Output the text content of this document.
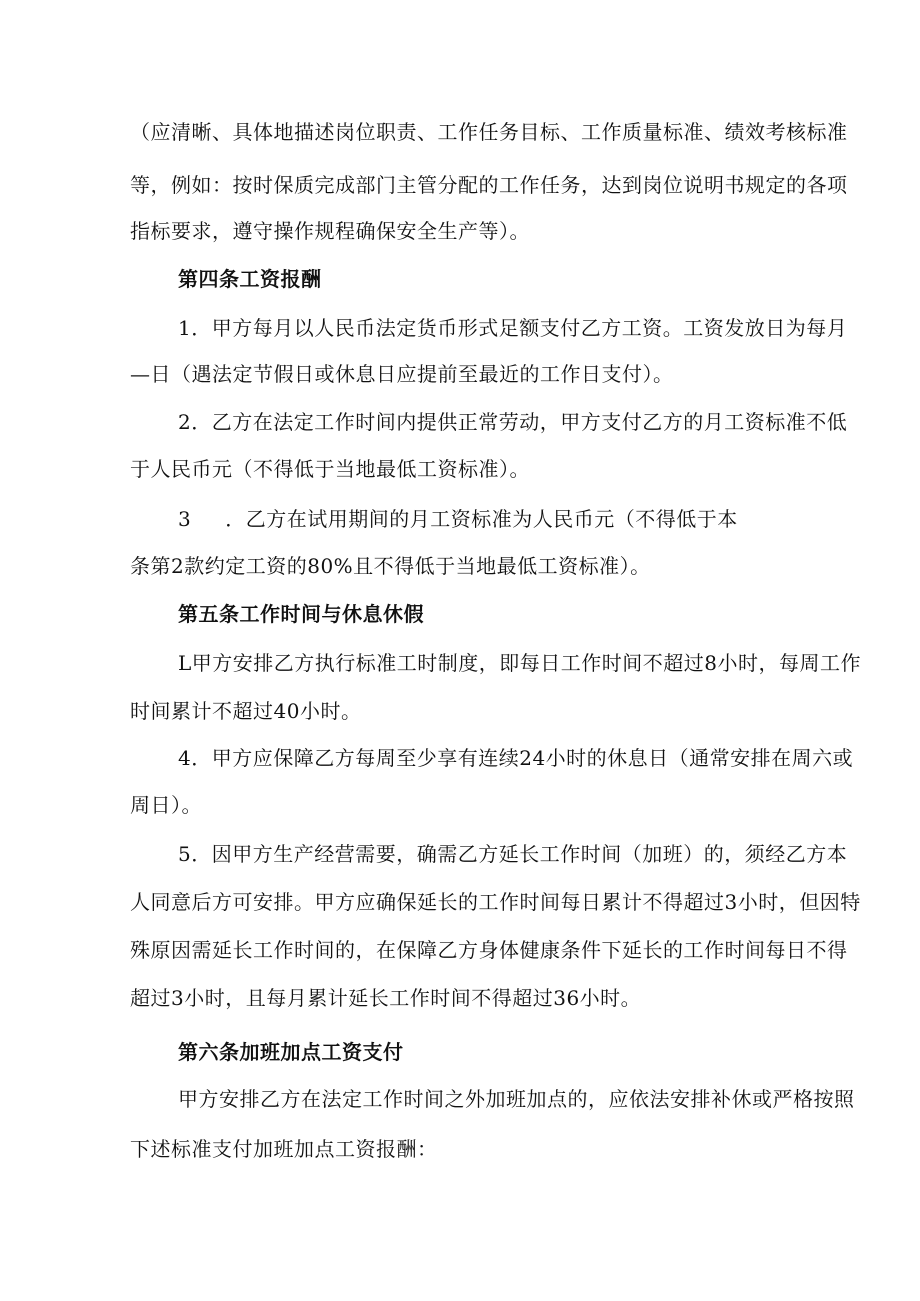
（应清晰、具体地描述岗位职责、工作任务目标、工作质量标准、绩效考核标准
等，例如：按时保质完成部门主管分配的工作任务，达到岗位说明书规定的各项
指标要求，遵守操作规程确保安全生产等）。
第四条工资报酬
1．甲方每月以人民币法定货币形式足额支付乙方工资。工资发放日为每月
—日（遇法定节假日或休息日应提前至最近的工作日支付）。
2．乙方在法定工作时间内提供正常劳动，甲方支付乙方的月工资标准不低
于人民币元（不得低于当地最低工资标准）。
3 ．乙方在试用期间的月工资标准为人民币元（不得低于本
条第2款约定工资的80%且不得低于当地最低工资标准）。
第五条工作时间与休息休假
L甲方安排乙方执行标准工时制度，即每日工作时间不超过8小时，每周工作
时间累计不超过40小时。
4．甲方应保障乙方每周至少享有连续24小时的休息日（通常安排在周六或
周日）。
5．因甲方生产经营需要，确需乙方延长工作时间（加班）的，须经乙方本
人同意后方可安排。甲方应确保延长的工作时间每日累计不得超过3小时，但因特
殊原因需延长工作时间的，在保障乙方身体健康条件下延长的工作时间每日不得
超过3小时，且每月累计延长工作时间不得超过36小时。
第六条加班加点工资支付
甲方安排乙方在法定工作时间之外加班加点的，应依法安排补休或严格按照
下述标准支付加班加点工资报酬：
